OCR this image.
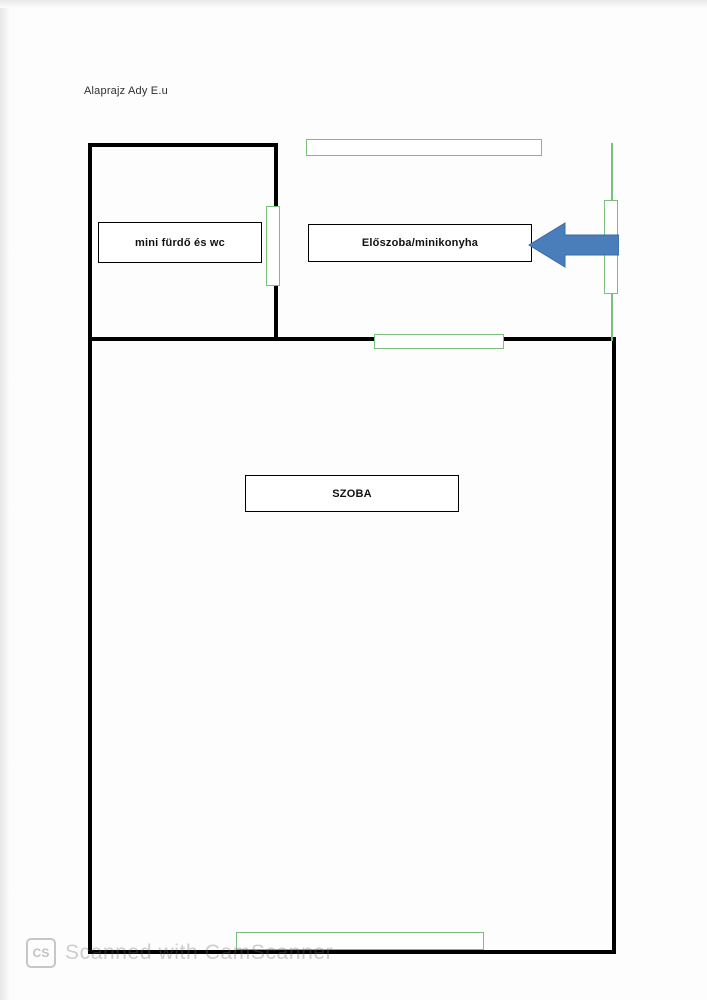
Alaprajz Ady E.u
mini fürdő és wc	Előszoba/minikonyha
SZOBA
CS Scanned with CamScanner
